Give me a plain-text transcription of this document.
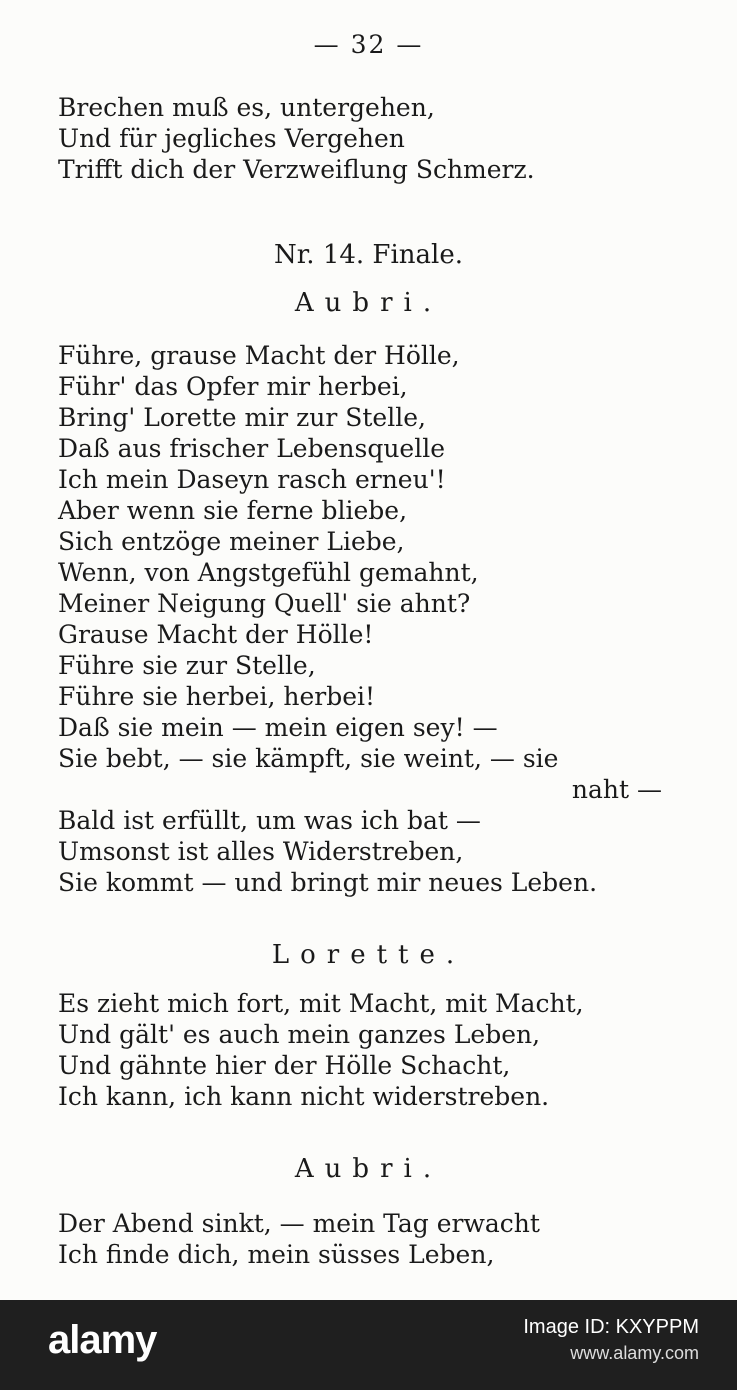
— 32 —
Brechen muß es, untergehen,
Und für jegliches Vergehen
Trifft dich der Verzweiflung Schmerz.
Nr. 14. Finale.
Aubri.
Führe, grause Macht der Hölle,
Führ' das Opfer mir herbei,
Bring' Lorette mir zur Stelle,
Daß aus frischer Lebensquelle
Ich mein Daseyn rasch erneu'!
Aber wenn sie ferne bliebe,
Sich entzöge meiner Liebe,
Wenn, von Angstgefühl gemahnt,
Meiner Neigung Quell' sie ahnt?
Grause Macht der Hölle!
Führe sie zur Stelle,
Führe sie herbei, herbei!
Daß sie mein — mein eigen sey! —
Sie bebt, — sie kämpft, sie weint, — sie
naht —
Bald ist erfüllt, um was ich bat —
Umsonst ist alles Widerstreben,
Sie kommt — und bringt mir neues Leben.
Lorette.
Es zieht mich fort, mit Macht, mit Macht,
Und gält' es auch mein ganzes Leben,
Und gähnte hier der Hölle Schacht,
Ich kann, ich kann nicht widerstreben.
Aubri.
Der Abend sinkt, — mein Tag erwacht
Ich finde dich, mein süsses Leben,
alamy	Image ID: KXYPPM
www.alamy.com
